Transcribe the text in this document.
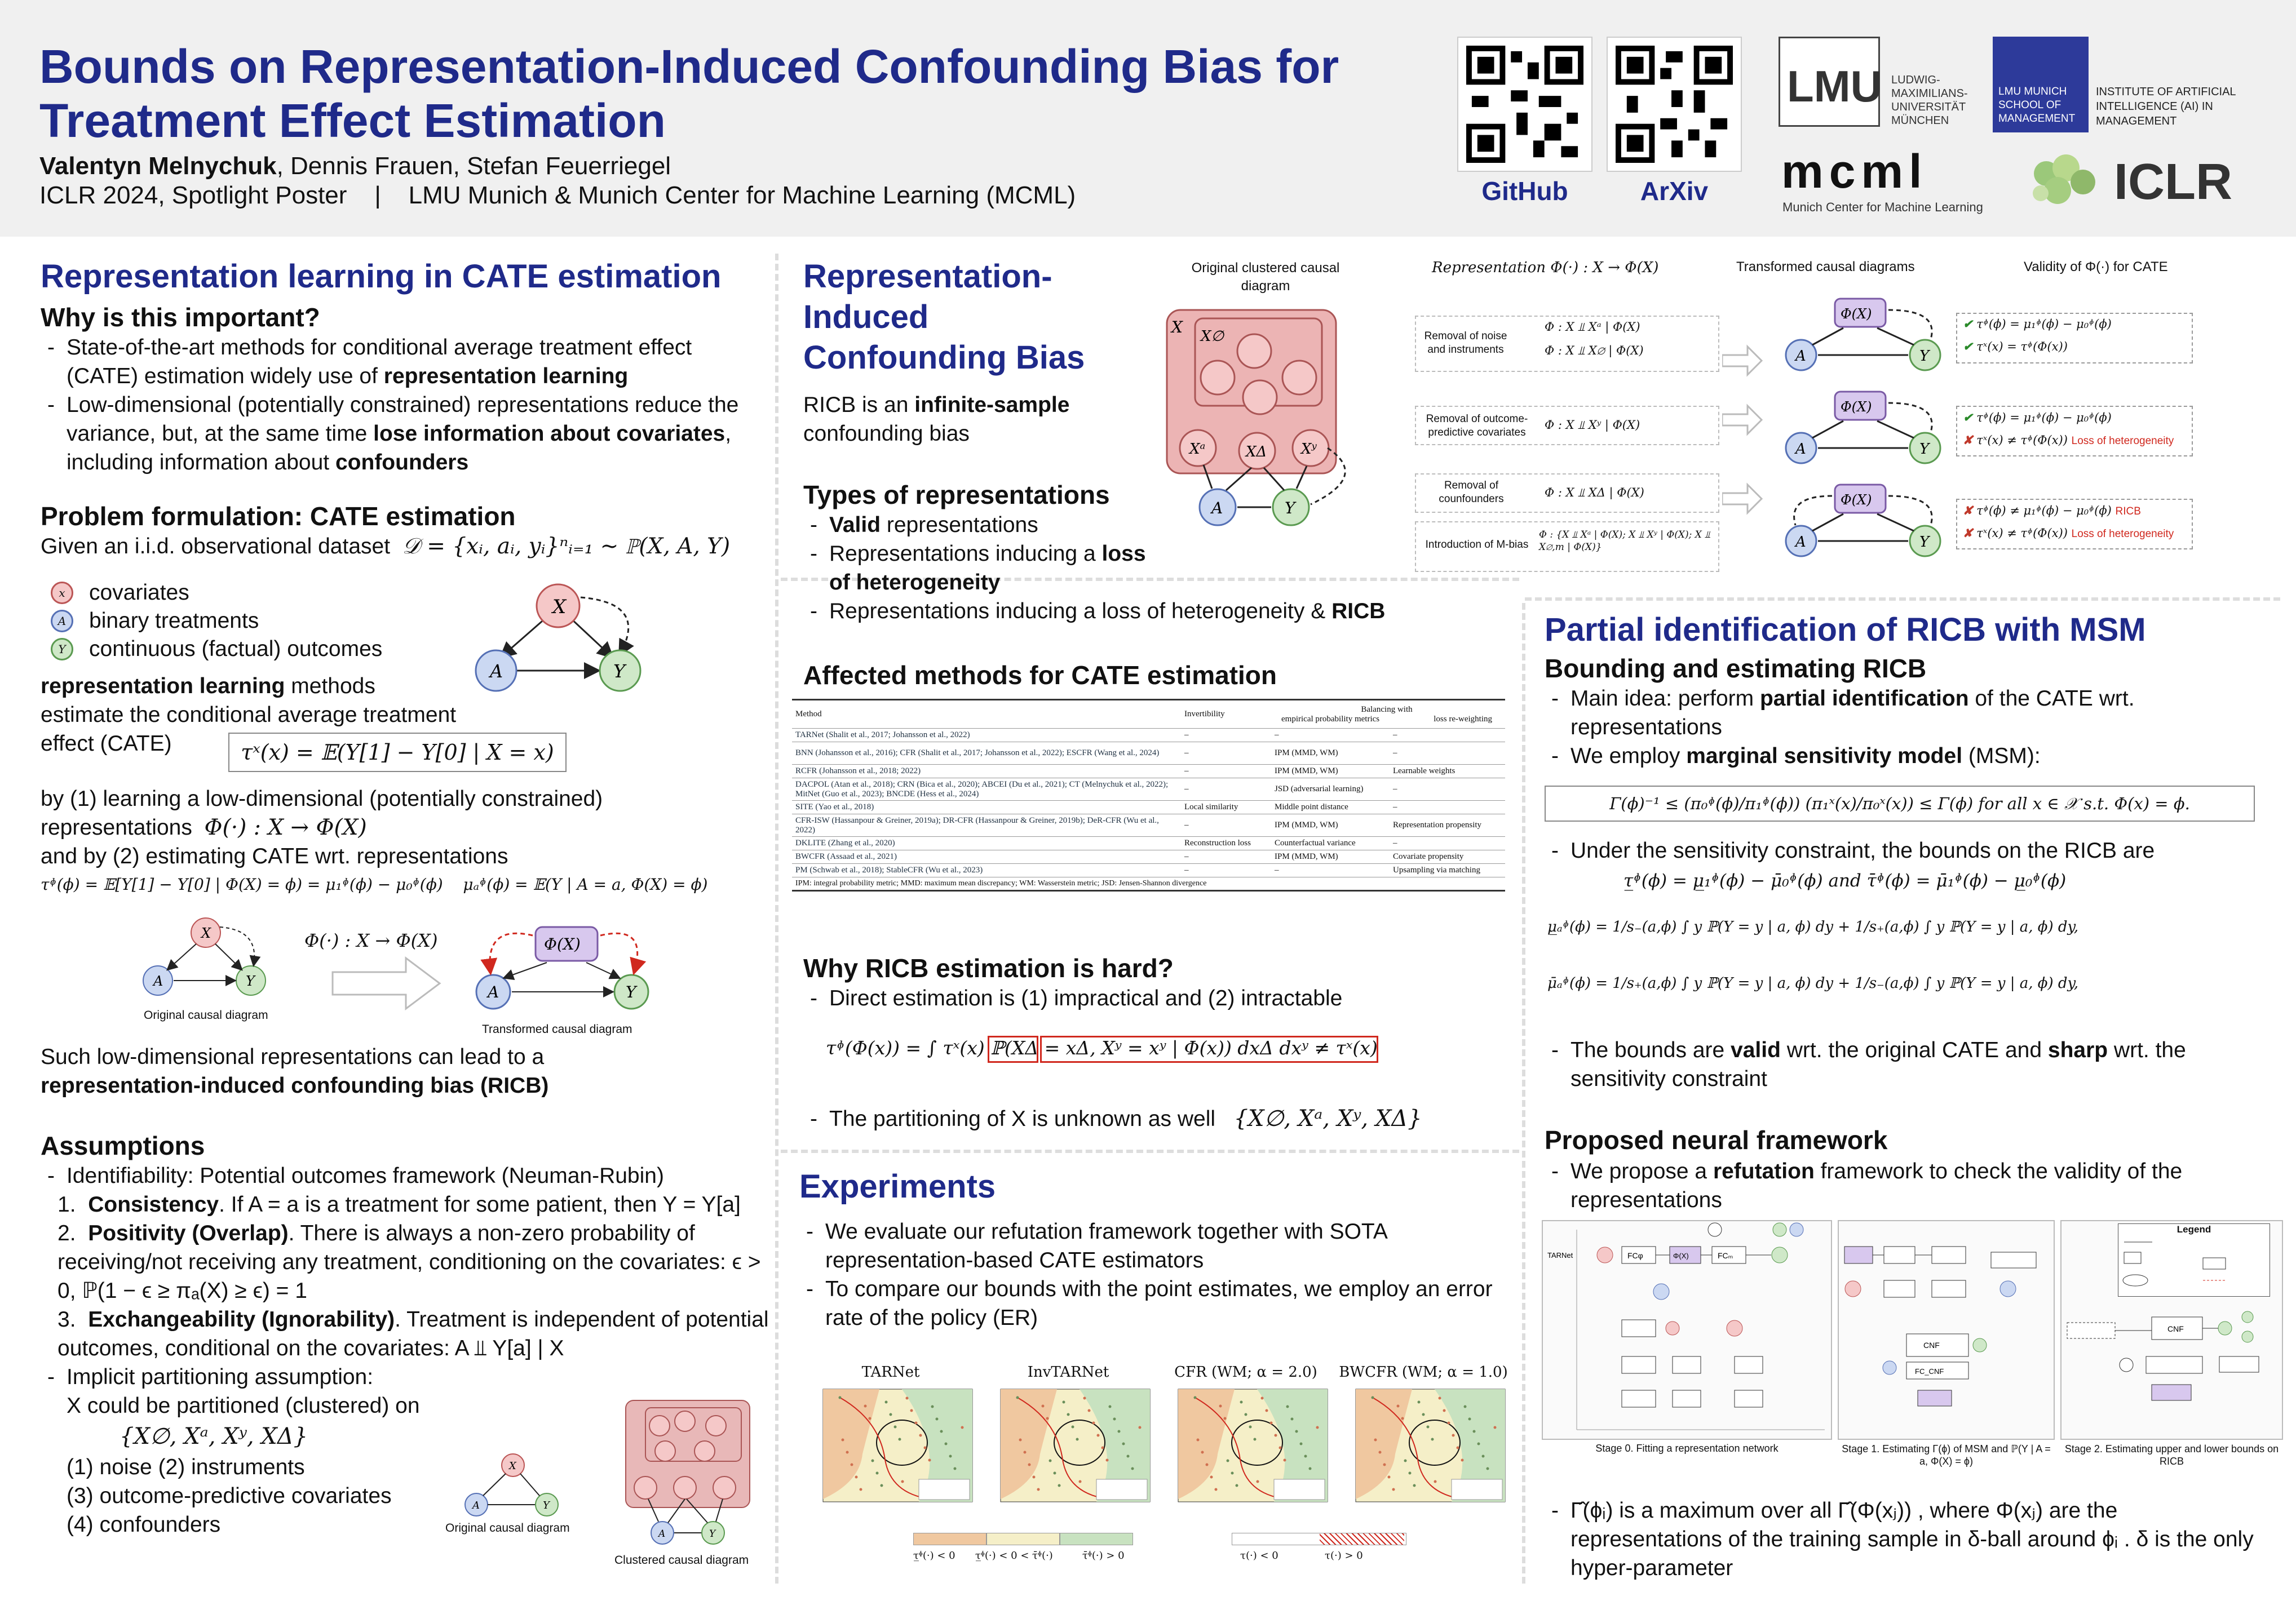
Bounds on Representation-Induced Confounding Bias for Treatment Effect Estimation
Valentyn Melnychuk, Dennis Frauen, Stefan Feuerriegel
ICLR 2024, Spotlight Poster    |    LMU Munich & Munich Center for Machine Learning (MCML)	GitHub	ArXiv
LMU LUDWIG-
MAXIMILIANS-
UNIVERSITÄT
MÜNCHEN
LMU MUNICH
SCHOOL OF
MANAGEMENT
INSTITUTE OF ARTIFICIAL
INTELLIGENCE (AI) IN
MANAGEMENT
mcml
Munich Center for Machine Learning	ICLR
Representation learning in CATE estimation
Why is this important?
- State-of-the-art methods for conditional average treatment effect (CATE) estimation widely use of representation learning
- Low-dimensional (potentially constrained) representations reduce the variance, but, at the same time lose information about covariates, including information about confounders
Problem formulation: CATE estimation
Given an i.i.d. observational dataset 𝒟 = {xᵢ, aᵢ, yᵢ}ⁿᵢ₌₁ ~ ℙ(X, A, Y)
x	covariates
A	binary treatments
Y	continuous (factual) outcomes
X
A	Y
representation learning methods
estimate the conditional average treatment effect (CATE)	τˣ(x) = 𝔼(Y[1] − Y[0] | X = x)
by (1) learning a low-dimensional (potentially constrained)
representations Φ(·) : X → Φ(X)
and by (2) estimating CATE wrt. representations
τᶲ(ϕ) = 𝔼[Y[1] − Y[0] | Φ(X) = ϕ) = μ₁ᶲ(ϕ) − μ₀ᶲ(ϕ) μₐᶲ(ϕ) = 𝔼(Y | A = a, Φ(X) = ϕ)
X
A	Y
Φ(X)
A	Y
Φ(·) : X → Φ(X)
Original causal diagram
Transformed causal diagram
Such low-dimensional representations can lead to a
representation-induced confounding bias (RICB)
Assumptions
- Identifiability: Potential outcomes framework (Neuman-Rubin)
1.  Consistency. If A = a is a treatment for some patient, then Y = Y[a]
2.  Positivity (Overlap). There is always a non-zero probability of receiving/not receiving any treatment, conditioning on the covariates: ϵ > 0, ℙ(1 − ϵ ≥ πₐ(X) ≥ ϵ) = 1
3.  Exchangeability (Ignorability). Treatment is independent of potential outcomes, conditional on the covariates: A ⫫ Y[a] | X
- Implicit partitioning assumption:
X could be partitioned (clustered) on
{X∅, Xᵃ, Xʸ, XΔ}
(1) noise (2) instruments
(3) outcome-predictive covariates
(4) confounders
X
A	Y
Original causal diagram	A	Y
Clustered causal diagram
Representation-Induced Confounding Bias
RICB is an infinite-sample confounding bias
Types of representations
- Valid representations
- Representations inducing a loss of heterogeneity
- Representations inducing a loss of heterogeneity & RICB
Original clustered causal diagram
Representation Φ(·) : X → Φ(X)	Transformed causal diagrams	Validity of Φ(·) for CATE
X X∅
Xᵃ	XΔ Xʸ
A	Y
Removal of noise and instruments
Φ : X ⫫ Xᵃ | Φ(X)
Φ : X ⫫ X∅ | Φ(X)
Removal of outcome-predictive covariates
Φ : X ⫫ Xʸ | Φ(X)
Removal of counfounders	Φ : X ⫫ XΔ | Φ(X)
Introduction of M-bias
Φ : {X ⫫ Xᵃ | Φ(X); X ⫫ Xʸ | Φ(X); X ⫫ X∅,m | Φ(X)}
Φ(X)
A	Y
Φ(X)
A	Y
Φ(X)
A	Y
✔ τᶲ(ϕ) = μ₁ᶲ(ϕ) − μ₀ᶲ(ϕ)
✔ τˣ(x) = τᶲ(Φ(x))
✔ τᶲ(ϕ) = μ₁ᶲ(ϕ) − μ₀ᶲ(ϕ)
✘ τˣ(x) ≠ τᶲ(Φ(x)) Loss of heterogeneity
✘ τᶲ(ϕ) ≠ μ₁ᶲ(ϕ) − μ₀ᶲ(ϕ) RICB
✘ τˣ(x) ≠ τᶲ(Φ(x)) Loss of heterogeneity
Affected methods for CATE estimation
Method	Invertibility
Balancing with
empirical probability metrics	loss re-weighting
TARNet (Shalit et al., 2017; Johansson et al., 2022)	–	–	–
BNN (Johansson et al., 2016); CFR (Shalit et al., 2017; Johansson et al., 2022); ESCFR (Wang et al., 2024)	–	IPM (MMD, WM)	–
RCFR (Johansson et al., 2018; 2022)	–	IPM (MMD, WM)	Learnable weights
DACPOL (Atan et al., 2018); CRN (Bica et al., 2020); ABCEI (Du et al., 2021); CT (Melnychuk et al., 2022); MitNet (Guo et al., 2023); BNCDE (Hess et al., 2024)
–	JSD (adversarial learning)	–
SITE (Yao et al., 2018)	Local similarity	Middle point distance	–
CFR-ISW (Hassanpour & Greiner, 2019a); DR-CFR (Hassanpour & Greiner, 2019b); DeR-CFR (Wu et al., 2022)
–	IPM (MMD, WM)	Representation propensity
DKLITE (Zhang et al., 2020)	Reconstruction loss	Counterfactual variance	–
BWCFR (Assaad et al., 2021)	–	IPM (MMD, WM)	Covariate propensity
PM (Schwab et al., 2018); StableCFR (Wu et al., 2023)	–	–	Upsampling via matching
IPM: integral probability metric; MMD: maximum mean discrepancy; WM: Wasserstein metric; JSD: Jensen-Shannon divergence
Why RICB estimation is hard?
- Direct estimation is (1) impractical and (2) intractable
τᶲ(Φ(x)) = ∫ τˣ(x) ℙ(XΔ = xΔ, Xʸ = xʸ | Φ(x)) dxΔ dxʸ ≠ τˣ(x)
- The partitioning of X is unknown as well {X∅, Xᵃ, Xʸ, XΔ}
Experiments
- We evaluate our refutation framework together with SOTA representation-based CATE estimators
- To compare our bounds with the point estimates, we employ an error rate of the policy (ER)
TARNet	InvTARNet	CFR (WM; α = 2.0)	BWCFR (WM; α = 1.0)
τ̲ᶲ(·) < 0 τ̲ᶲ(·) < 0 < τ̄ᶲ(·)	τ̄ᶲ(·) > 0	τ(·) < 0	τ(·) > 0
Partial identification of RICB with MSM
Bounding and estimating RICB
- Main idea: perform partial identification of the CATE wrt. representations
- We employ marginal sensitivity model (MSM):
Γ(ϕ)⁻¹ ≤ (π₀ᶲ(ϕ)/π₁ᶲ(ϕ)) (π₁ˣ(x)/π₀ˣ(x)) ≤ Γ(ϕ) for all x ∈ 𝒳 s.t. Φ(x) = ϕ.
- Under the sensitivity constraint, the bounds on the RICB are
τ̲ᶲ(ϕ) = μ̲₁ᶲ(ϕ) − μ̄₀ᶲ(ϕ) and τ̄ᶲ(ϕ) = μ̄₁ᶲ(ϕ) − μ̲₀ᶲ(ϕ)
μ̲ₐᶲ(ϕ) = 1/s₋(a,ϕ) ∫ y ℙ(Y = y | a, ϕ) dy + 1/s₊(a,ϕ) ∫ y ℙ(Y = y | a, ϕ) dy,
μ̄ₐᶲ(ϕ) = 1/s₊(a,ϕ) ∫ y ℙ(Y = y | a, ϕ) dy + 1/s₋(a,ϕ) ∫ y ℙ(Y = y | a, ϕ) dy,
- The bounds are valid wrt. the original CATE and sharp wrt. the sensitivity constraint
Proposed neural framework
- We propose a refutation framework to check the validity of the representations
TARNet	FCφ	Φ(X)	FCₘ
CNF
FC_CNF
Legend
CNF
Stage 0. Fitting a representation network	Stage 1. Estimating Γ(ϕ) of MSM and ℙ(Y | A = a, Φ(X) = ϕ)
Stage 2. Estimating upper and lower bounds on RICB
- Γ̂(ϕᵢ) is a maximum over all Γ̂(Φ(xⱼ)) , where Φ(xⱼ) are the representations of the training sample in δ-ball around ϕᵢ . δ is the only hyper-parameter
